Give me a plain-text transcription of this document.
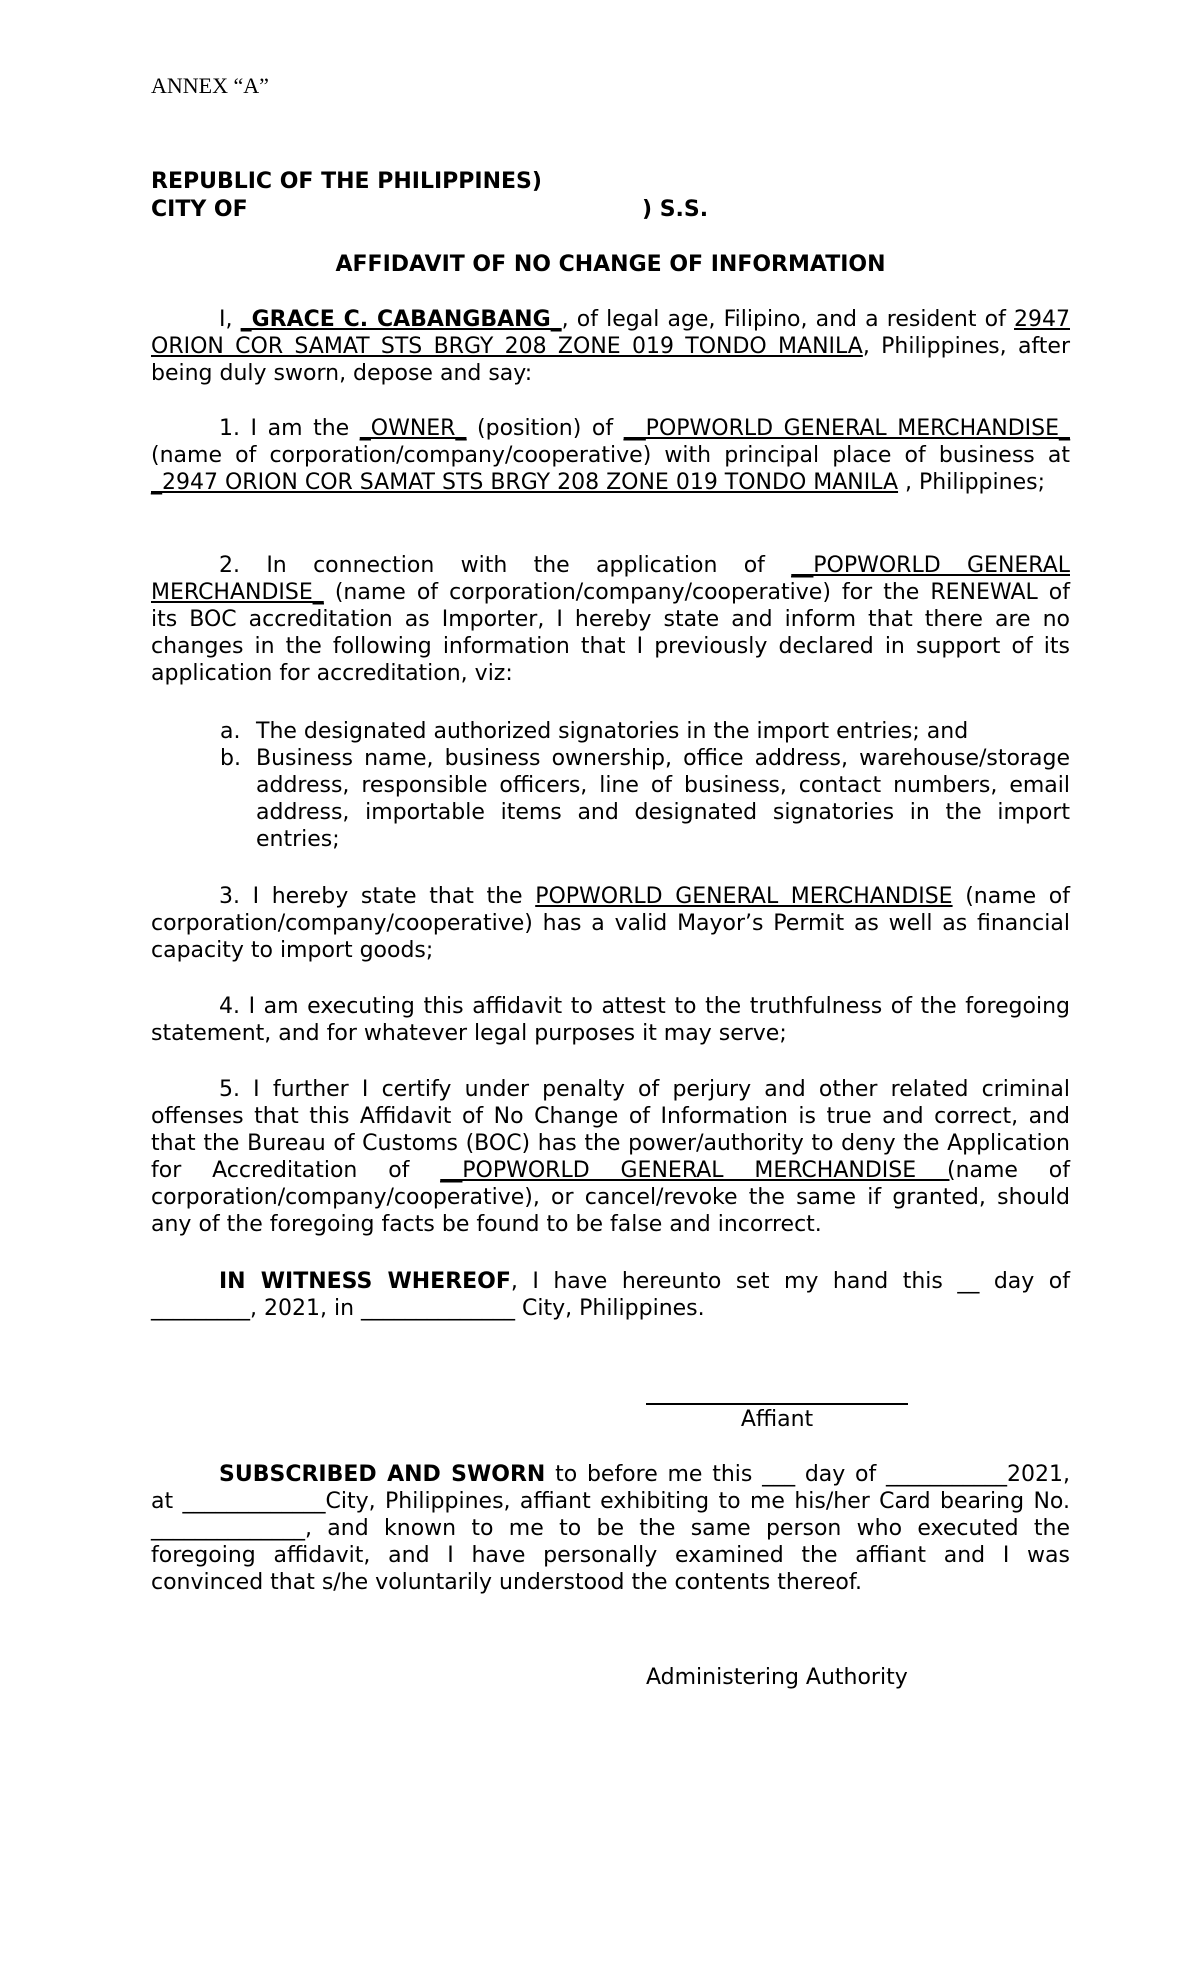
ANNEX “A”
REPUBLIC OF THE PHILIPPINES)
CITY OF	) S.S.
AFFIDAVIT OF NO CHANGE OF INFORMATION
I, _GRACE C. CABANGBANG_, of legal age, Filipino, and a resident of 2947 ORION COR SAMAT STS BRGY 208 ZONE 019 TONDO MANILA, Philippines, after being duly sworn, depose and say:
1. I am the _OWNER_ (position) of __POPWORLD GENERAL MERCHANDISE_ (name of corporation/company/cooperative) with principal place of business at _2947 ORION COR SAMAT STS BRGY 208 ZONE 019 TONDO MANILA , Philippines;
2. In connection with the application of __POPWORLD GENERAL MERCHANDISE_ (name of corporation/company/cooperative) for the RENEWAL of its BOC accreditation as Importer, I hereby state and inform that there are no changes in the following information that I previously declared in support of its application for accreditation, viz:
a. The designated authorized signatories in the import entries; and
b. Business name, business ownership, office address, warehouse/storage address, responsible officers, line of business, contact numbers, email address, importable items and designated signatories in the import entries;
3. I hereby state that the POPWORLD GENERAL MERCHANDISE (name of corporation/company/cooperative) has a valid Mayor’s Permit as well as financial capacity to import goods;
4. I am executing this affidavit to attest to the truthfulness of the foregoing statement, and for whatever legal purposes it may serve;
5. I further I certify under penalty of perjury and other related criminal offenses that this Affidavit of No Change of Information is true and correct, and that the Bureau of Customs (BOC) has the power/authority to deny the Application for Accreditation of __POPWORLD GENERAL MERCHANDISE (name of corporation/company/cooperative), or cancel/revoke the same if granted, should any of the foregoing facts be found to be false and incorrect.
IN WITNESS WHEREOF, I have hereunto set my hand this __ day of _________, 2021, in ______________ City, Philippines.
Affiant
SUBSCRIBED AND SWORN to before me this ___ day of ___________2021, at _____________City, Philippines, affiant exhibiting to me his/her Card bearing No. ______________, and known to me to be the same person who executed the foregoing affidavit, and I have personally examined the affiant and I was convinced that s/he voluntarily understood the contents thereof.
Administering Authority
